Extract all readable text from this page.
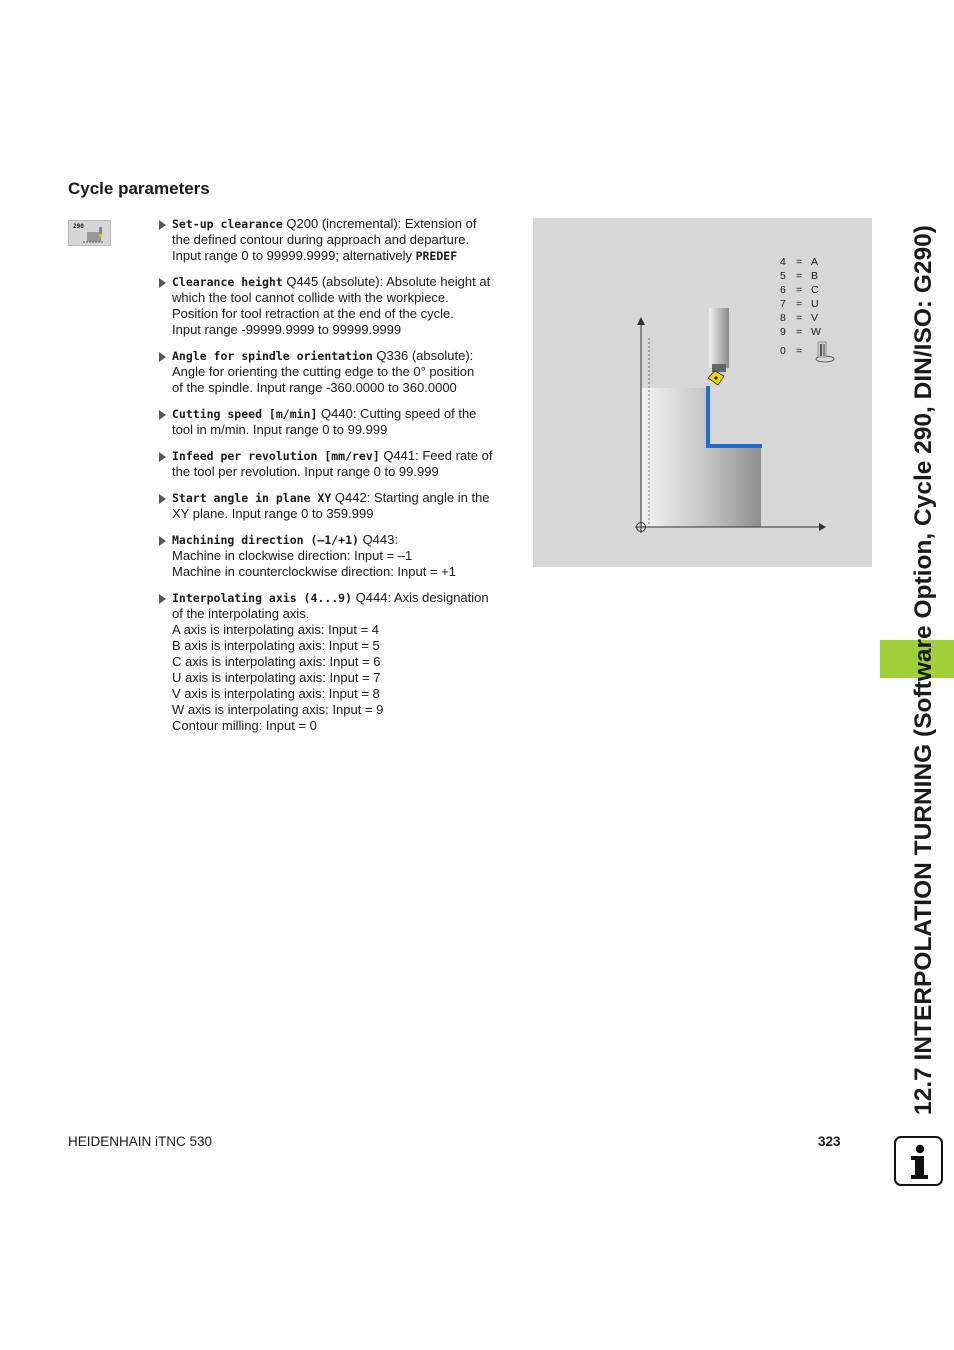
Cycle parameters
290	Set-up clearance Q200 (incremental): Extension of
the defined contour during approach and departure.
Input range 0 to 99999.9999; alternatively PREDEF
Clearance height Q445 (absolute): Absolute height at
which the tool cannot collide with the workpiece.
Position for tool retraction at the end of the cycle.
Input range -99999.9999 to 99999.9999
Angle for spindle orientation Q336 (absolute):
Angle for orienting the cutting edge to the 0° position
of the spindle. Input range -360.0000 to 360.0000
Cutting speed [m/min] Q440: Cutting speed of the
tool in m/min. Input range 0 to 99.999
Infeed per revolution [mm/rev] Q441: Feed rate of
the tool per revolution. Input range 0 to 99.999
Start angle in plane XY Q442: Starting angle in the
XY plane. Input range 0 to 359.999
Machining direction (–1/+1) Q443:
Machine in clockwise direction: Input = –1
Machine in counterclockwise direction: Input = +1
Interpolating axis (4...9) Q444: Axis designation
of the interpolating axis.
A axis is interpolating axis: Input = 4
B axis is interpolating axis: Input = 5
C axis is interpolating axis: Input = 6
U axis is interpolating axis: Input = 7
V axis is interpolating axis: Input = 8
W axis is interpolating axis: Input = 9
Contour milling: Input = 0
4 = A
5 = B
6 = C
7 = U
8 = V
9 = W
0 =	12.7 INTERPOLATION TURNING (Software Option, Cycle 290, DIN/ISO: G290)
HEIDENHAIN iTNC 530	323
